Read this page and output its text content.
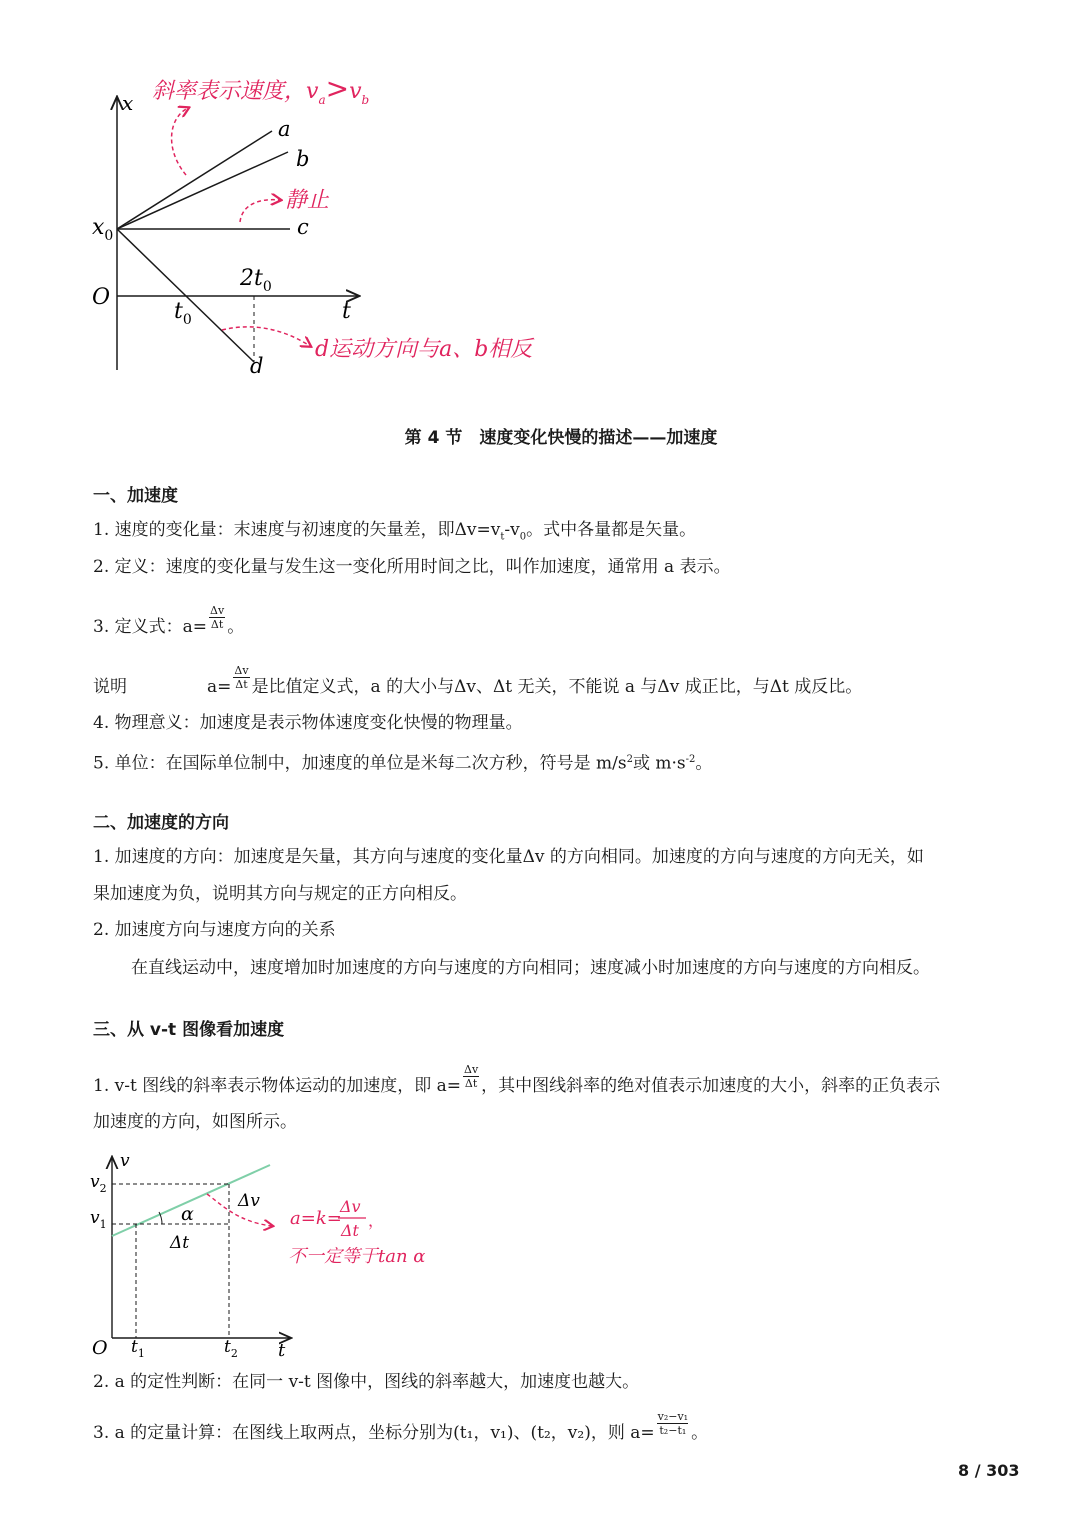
x
t
O
$x_0$
$t_0$
$2t_0$
a
b
c
d
斜率表示速度，$v_a>v_b$
静止
d运动方向与a、b相反
第 4 节　速度变化快慢的描述——加速度
一、加速度
1. 速度的变化量：末速度与初速度的矢量差，即$\Delta v=v_t-v_0$。式中各量都是矢量。
2. 定义：速度的变化量与发生这一变化所用时间之比，叫作加速度，通常用 a 表示。
3. 定义式：$a= \frac{\Delta v}{\Delta t}$ 。
说明	$a= \frac{\Delta v}{\Delta t}$ 是比值定义式，a 的大小与Δv、Δt 无关，不能说 a 与Δv 成正比，与Δt 成反比。
4. 物理意义：加速度是表示物体速度变化快慢的物理量。
5. 单位：在国际单位制中，加速度的单位是米每二次方秒，符号是 $m/s^2$或 $m\cdot s^{-2}$。
二、加速度的方向
1. 加速度的方向：加速度是矢量，其方向与速度的变化量Δv 的方向相同。加速度的方向与速度的方向无关，如
果加速度为负，说明其方向与规定的正方向相反。
2. 加速度方向与速度方向的关系
在直线运动中，速度增加时加速度的方向与速度的方向相同；速度减小时加速度的方向与速度的方向相反。
三、从 v-t 图像看加速度
1. v-t 图线的斜率表示物体运动的加速度，即 $a= \frac{\Delta v}{\Delta t}$ ，其中图线斜率的绝对值表示加速度的大小，斜率的正负表示
加速度的方向，如图所示。
v
t
O
$v_2$
$v_1$
$t_1$	$t_2$
α
Δv
Δt
a=k=
Δv
Δt
，
不一定等于tan α
2. a 的定性判断：在同一 v-t 图像中，图线的斜率越大，加速度也越大。
3. a 的定量计算：在图线上取两点，坐标分别为(t₁，v₁)、(t₂，v₂)，则 $a= \frac{\text{v₂−v₁}}{\text{t₂−t₁}}$ 。
8 / 303
